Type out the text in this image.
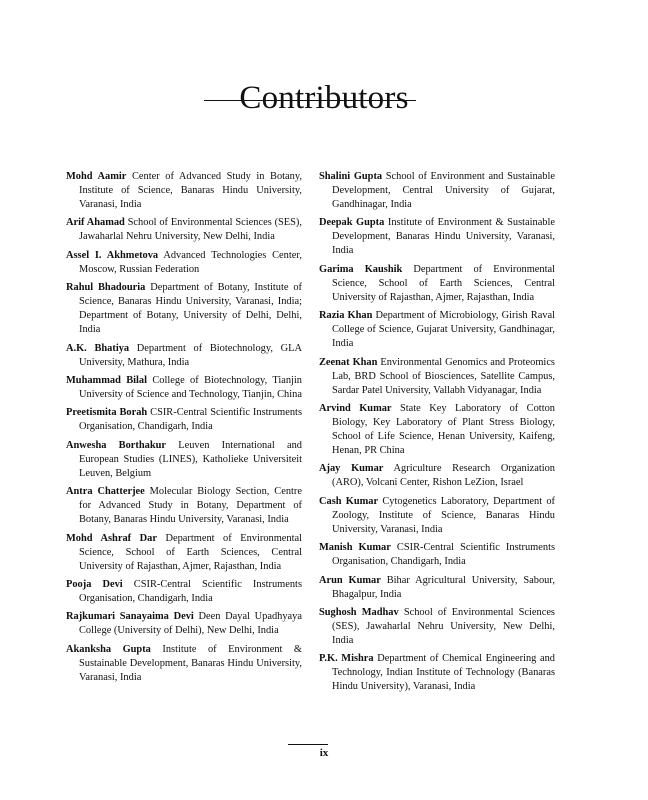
Contributors

Mohd Aamir Center of Advanced Study in Botany, Institute of Science, Banaras Hindu University, Varanasi, India

Arif Ahamad School of Environmental Sciences (SES), Jawaharlal Nehru University, New Delhi, India

Assel I. Akhmetova Advanced Technologies Center, Moscow, Russian Federation

Rahul Bhadouria Department of Botany, Institute of Science, Banaras Hindu University, Varanasi, India; Department of Botany, University of Delhi, Delhi, India

A.K. Bhatiya Department of Biotechnology, GLA University, Mathura, India

Muhammad Bilal College of Biotechnology, Tianjin University of Science and Technology, Tianjin, China

Preetismita Borah CSIR-Central Scientific Instruments Organisation, Chandigarh, India

Anwesha Borthakur Leuven International and European Studies (LINES), Katholieke Universiteit Leuven, Belgium

Antra Chatterjee Molecular Biology Section, Centre for Advanced Study in Botany, Department of Botany, Banaras Hindu University, Varanasi, India

Mohd Ashraf Dar Department of Environmental Science, School of Earth Sciences, Central University of Rajasthan, Ajmer, Rajasthan, India

Pooja Devi CSIR-Central Scientific Instruments Organisation, Chandigarh, India

Rajkumari Sanayaima Devi Deen Dayal Upadhyaya College (University of Delhi), New Delhi, India

Akanksha Gupta Institute of Environment & Sustainable Development, Banaras Hindu University, Varanasi, India

Shalini Gupta School of Environment and Sustainable Development, Central University of Gujarat, Gandhinagar, India

Deepak Gupta Institute of Environment & Sustainable Development, Banaras Hindu University, Varanasi, India

Garima Kaushik Department of Environmental Science, School of Earth Sciences, Central University of Rajasthan, Ajmer, Rajasthan, India

Razia Khan Department of Microbiology, Girish Raval College of Science, Gujarat University, Gandhinagar, India

Zeenat Khan Environmental Genomics and Proteomics Lab, BRD School of Biosciences, Satellite Campus, Sardar Patel University, Vallabh Vidyanagar, India

Arvind Kumar State Key Laboratory of Cotton Biology, Key Laboratory of Plant Stress Biology, School of Life Science, Henan University, Kaifeng, Henan, PR China

Ajay Kumar Agriculture Research Organization (ARO), Volcani Center, Rishon LeZion, Israel

Cash Kumar Cytogenetics Laboratory, Department of Zoology, Institute of Science, Banaras Hindu University, Varanasi, India

Manish Kumar CSIR-Central Scientific Instruments Organisation, Chandigarh, India

Arun Kumar Bihar Agricultural University, Sabour, Bhagalpur, India

Sughosh Madhav School of Environmental Sciences (SES), Jawaharlal Nehru University, New Delhi, India

P.K. Mishra Department of Chemical Engineering and Technology, Indian Institute of Technology (Banaras Hindu University), Varanasi, India

ix
